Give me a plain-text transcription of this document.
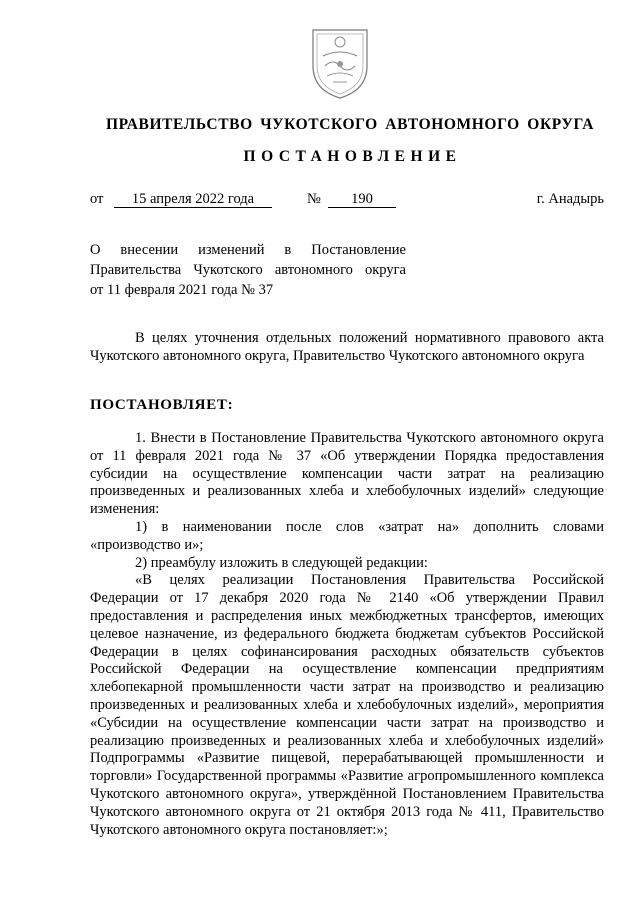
ПРАВИТЕЛЬСТВО ЧУКОТСКОГО АВТОНОМНОГО ОКРУГА
ПОСТАНОВЛЕНИЕ
от	15 апреля 2022 года	№	190	г. Анадырь
О внесении изменений в Постановление
Правительства Чукотского автономного округа
от 11 февраля 2021 года № 37
В целях уточнения отдельных положений нормативного правового акта Чукотского автономного округа, Правительство Чукотского автономного округа
ПОСТАНОВЛЯЕТ:

1. Внести в Постановление Правительства Чукотского автономного округа от 11 февраля 2021 года № 37 «Об утверждении Порядка предоставления субсидии на осуществление компенсации части затрат на реализацию произведенных и реализованных хлеба и хлебобулочных изделий» следующие изменения:

1) в наименовании после слов «затрат на» дополнить словами «производство и»;

2) преамбулу изложить в следующей редакции:

«В целях реализации Постановления Правительства Российской Федерации от 17 декабря 2020 года № 2140 «Об утверждении Правил предоставления и распределения иных межбюджетных трансфертов, имеющих целевое назначение, из федерального бюджета бюджетам субъектов Российской Федерации в целях софинансирования расходных обязательств субъектов Российской Федерации на осуществление компенсации предприятиям хлебопекарной промышленности части затрат на производство и реализацию произведенных и реализованных хлеба и хлебобулочных изделий», мероприятия «Субсидии на осуществление компенсации части затрат на производство и реализацию произведенных и реализованных хлеба и хлебобулочных изделий» Подпрограммы «Развитие пищевой, перерабатывающей промышленности и торговли» Государственной программы «Развитие агропромышленного комплекса Чукотского автономного округа», утверждённой Постановлением Правительства Чукотского автономного округа от 21 октября 2013 года № 411, Правительство Чукотского автономного округа постановляет:»;
